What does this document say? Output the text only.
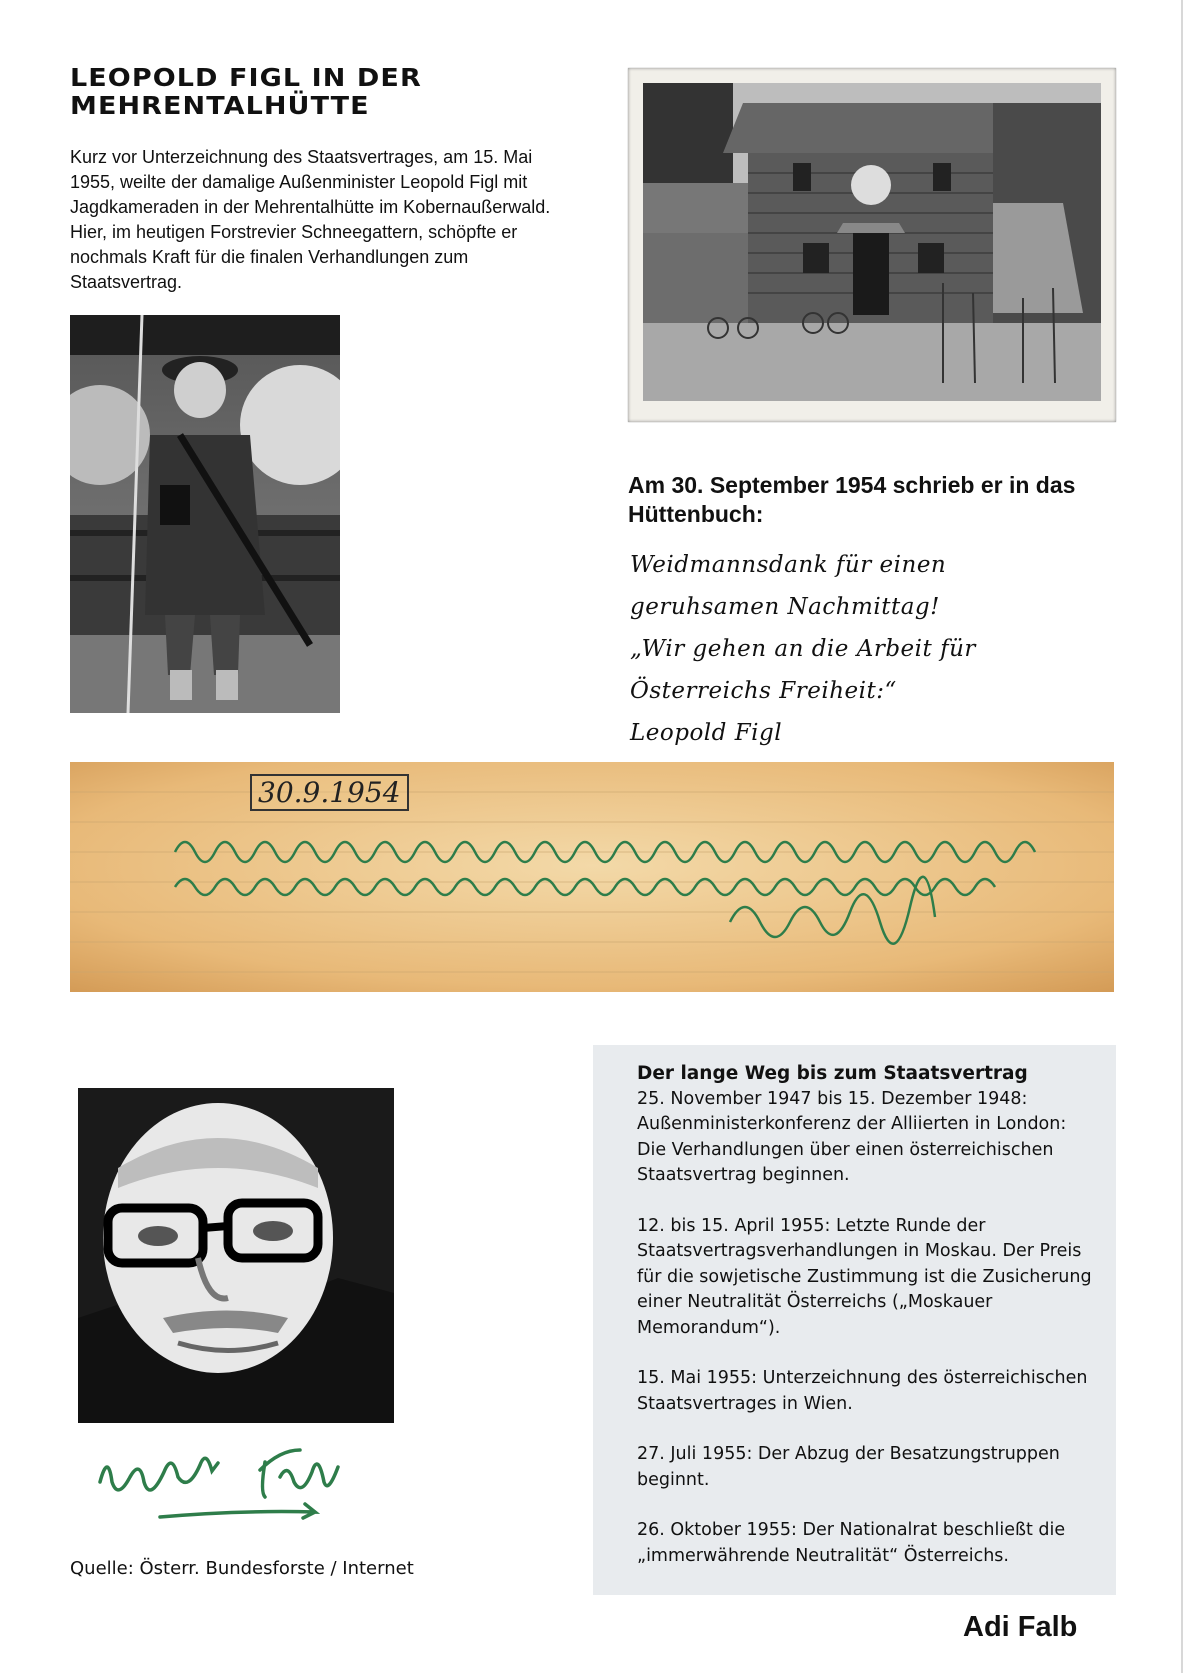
LEOPOLD FIGL IN DER
MEHRENTALHÜTTE

Kurz vor Unterzeichnung des Staatsvertrages, am 15. Mai 1955, weilte der damalige Außenminister Leopold Figl mit Jagdkameraden in der Mehrentalhütte im Kobernaußerwald. Hier, im heutigen Forstrevier Schneegattern, schöpfte er nochmals Kraft für die finalen Verhandlungen zum Staatsvertrag.

Am 30. September 1954 schrieb er in das Hüttenbuch:
Weidmannsdank für einen
geruhsamen Nachmittag!
„Wir gehen an die Arbeit für
Österreichs Freiheit:“
Leopold Figl
30.9.1954

Quelle: Österr. Bundesforste / Internet

Der lange Weg bis zum Staatsvertrag

25. November 1947 bis 15. Dezember 1948: Außenministerkonferenz der Alliierten in London: Die Verhandlungen über einen österreichischen Staatsvertrag beginnen.

12. bis 15. April 1955: Letzte Runde der Staatsvertragsverhandlungen in Moskau. Der Preis für die sowjetische Zustimmung ist die Zusicherung einer Neutralität Österreichs („Moskauer Memorandum“).

15. Mai 1955: Unterzeichnung des österreichischen Staatsvertrages in Wien.

27. Juli 1955: Der Abzug der Besatzungstruppen beginnt.

26. Oktober 1955: Der Nationalrat beschließt die „immerwährende Neutralität“ Österreichs.

Adi Falb
